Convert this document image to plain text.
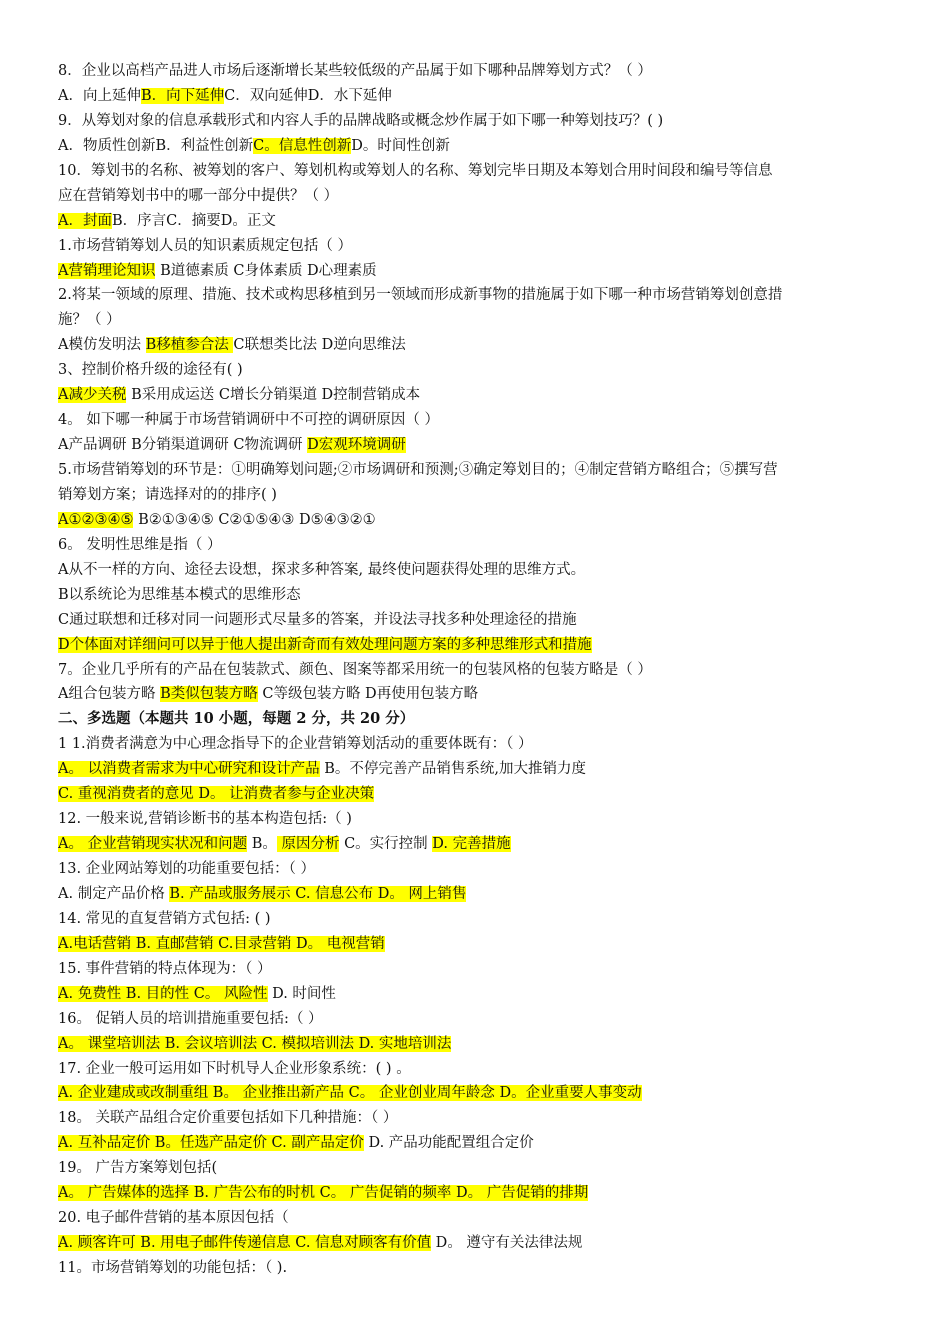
8．企业以高档产品进人市场后逐渐增长某些较低级的产品属于如下哪种品牌筹划方式？（ ）
A．向上延伸B．向下延伸C．双向延伸D．水下延伸
9．从筹划对象的信息承载形式和内容人手的品牌战略或概念炒作属于如下哪一种筹划技巧？( )
A．物质性创新B．利益性创新C。信息性创新D。时间性创新
10．筹划书的名称、被筹划的客户、筹划机构或筹划人的名称、筹划完毕日期及本筹划合用时间段和编号等信息
应在营销筹划书中的哪一部分中提供？（ ）
A．封面B．序言C．摘要D。正文
1.市场营销筹划人员的知识素质规定包括（ ）
A营销理论知识 B道德素质 C身体素质 D心理素质
2.将某一领域的原理、措施、技术或构思移植到另一领域而形成新事物的措施属于如下哪一种市场营销筹划创意措
施？（ ）
A模仿发明法 B移植参合法 C联想类比法 D逆向思维法
3、控制价格升级的途径有( )
A减少关税 B采用成运送 C增长分销渠道 D控制营销成本
4。 如下哪一种属于市场营销调研中不可控的调研原因（ ）
A产品调研 B分销渠道调研 C物流调研 D宏观环境调研
5.市场营销筹划的环节是：①明确筹划问题;②市场调研和预测;③确定筹划目的；④制定营销方略组合；⑤撰写营
销筹划方案；请选择对的的排序( )
A①②③④⑤ B②①③④⑤ C②①⑤④③ D⑤④③②①
6。 发明性思维是指（ ）
A从不一样的方向、途径去设想，探求多种答案, 最终使问题获得处理的思维方式。
B以系统论为思维基本模式的思维形态
C通过联想和迁移对同一问题形式尽量多的答案，并设法寻找多种处理途径的措施
D个体面对详细问可以异于他人提出新奇而有效处理问题方案的多种思维形式和措施
7。企业几乎所有的产品在包装款式、颜色、图案等都采用统一的包装风格的包装方略是（ ）
A组合包装方略 B类似包装方略 C等级包装方略 D再使用包装方略
二、多选题（本题共 10 小题，每题 2 分，共 20 分）
1 1.消费者满意为中心理念指导下的企业营销筹划活动的重要体既有：（ ）
A。 以消费者需求为中心研究和设计产品 B。不停完善产品销售系统,加大推销力度
C. 重视消费者的意见 D。 让消费者参与企业决策
12. 一般来说,营销诊断书的基本构造包括:（ )
A。 企业营销现实状况和问题 B。 原因分析 C。实行控制 D. 完善措施
13. 企业网站筹划的功能重要包括：（ ）
A. 制定产品价格 B. 产品或服务展示 C. 信息公布 D。 网上销售
14. 常见的直复营销方式包括: ( )
A.电话营销 B. 直邮营销 C.目录营销 D。 电视营销
15. 事件营销的特点体现为：（ ）
A. 免费性 B. 目的性 C。 风险性 D. 时间性
16。 促销人员的培训措施重要包括:（ ）
A。 课堂培训法 B. 会议培训法 C. 模拟培训法 D. 实地培训法
17. 企业一般可运用如下时机导人企业形象系统：( ) 。
A. 企业建成或改制重组 B。 企业推出新产品 C。 企业创业周年龄念 D。企业重要人事变动
18。 关联产品组合定价重要包括如下几种措施：（ ）
A. 互补品定价 B。任选产品定价 C. 副产品定价 D. 产品功能配置组合定价
19。 广告方案筹划包括(
A。 广告媒体的选择 B. 广告公布的时机 C。 广告促销的频率 D。 广告促销的排期
20. 电子邮件营销的基本原因包括（
A. 顾客许可 B. 用电子邮件传递信息 C. 信息对顾客有价值 D。 遵守有关法律法规
11。市场营销筹划的功能包括：（ ).
